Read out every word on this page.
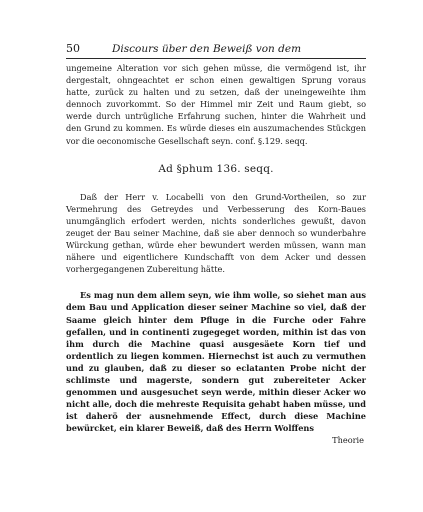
50	Discours über den Beweiß von dem

ungemeine Alteration vor sich gehen müsse, die vermögend ist, ihr dergestalt, ohngeachtet er schon einen gewaltigen Sprung voraus hatte, zurück zu halten und zu setzen, daß der uneingeweihte ihm dennoch zuvorkommt. So der Himmel mir Zeit und Raum giebt, so werde durch untrügliche Erfahrung suchen, hinter die Wahrheit und den Grund zu kommen. Es würde dieses ein auszumachendes Stückgen vor die oeconomische Gesellschaft seyn. conf. §.129. seqq.

Ad §phum 136. seqq.

Daß der Herr v. Locabelli von den Grund-Vortheilen, so zur Vermehrung des Getreydes und Verbesserung des Korn-Baues unumgänglich erfodert werden, nichts sonderliches gewußt, davon zeuget der Bau seiner Machine, daß sie aber dennoch so wunderbahre Würckung gethan, würde eher bewundert werden müssen, wann man nähere und eigentlichere Kundschafft von dem Acker und dessen vorhergegangenen Zubereitung hätte.

Es mag nun dem allem seyn, wie ihm wolle, so siehet man aus dem Bau und Application dieser seiner Machine so viel, daß der Saame gleich hinter dem Pfluge in die Furche oder Fahre gefallen, und in continenti zugegeget worden, mithin ist das von ihm durch die Machine quasi ausgesäete Korn tief und ordentlich zu liegen kommen. Hiernechst ist auch zu vermuthen und zu glauben, daß zu dieser so eclatanten Probe nicht der schlimste und magerste, sondern gut zubereiteter Acker genommen und ausgesuchet seyn werde, mithin dieser Acker wo nicht alle, doch die mehreste Requisita gehabt haben müsse, und ist daherö der ausnehmende Effect, durch diese Machine bewürcket, ein klarer Beweiß, daß des Herrn Wolffens

Theorie
